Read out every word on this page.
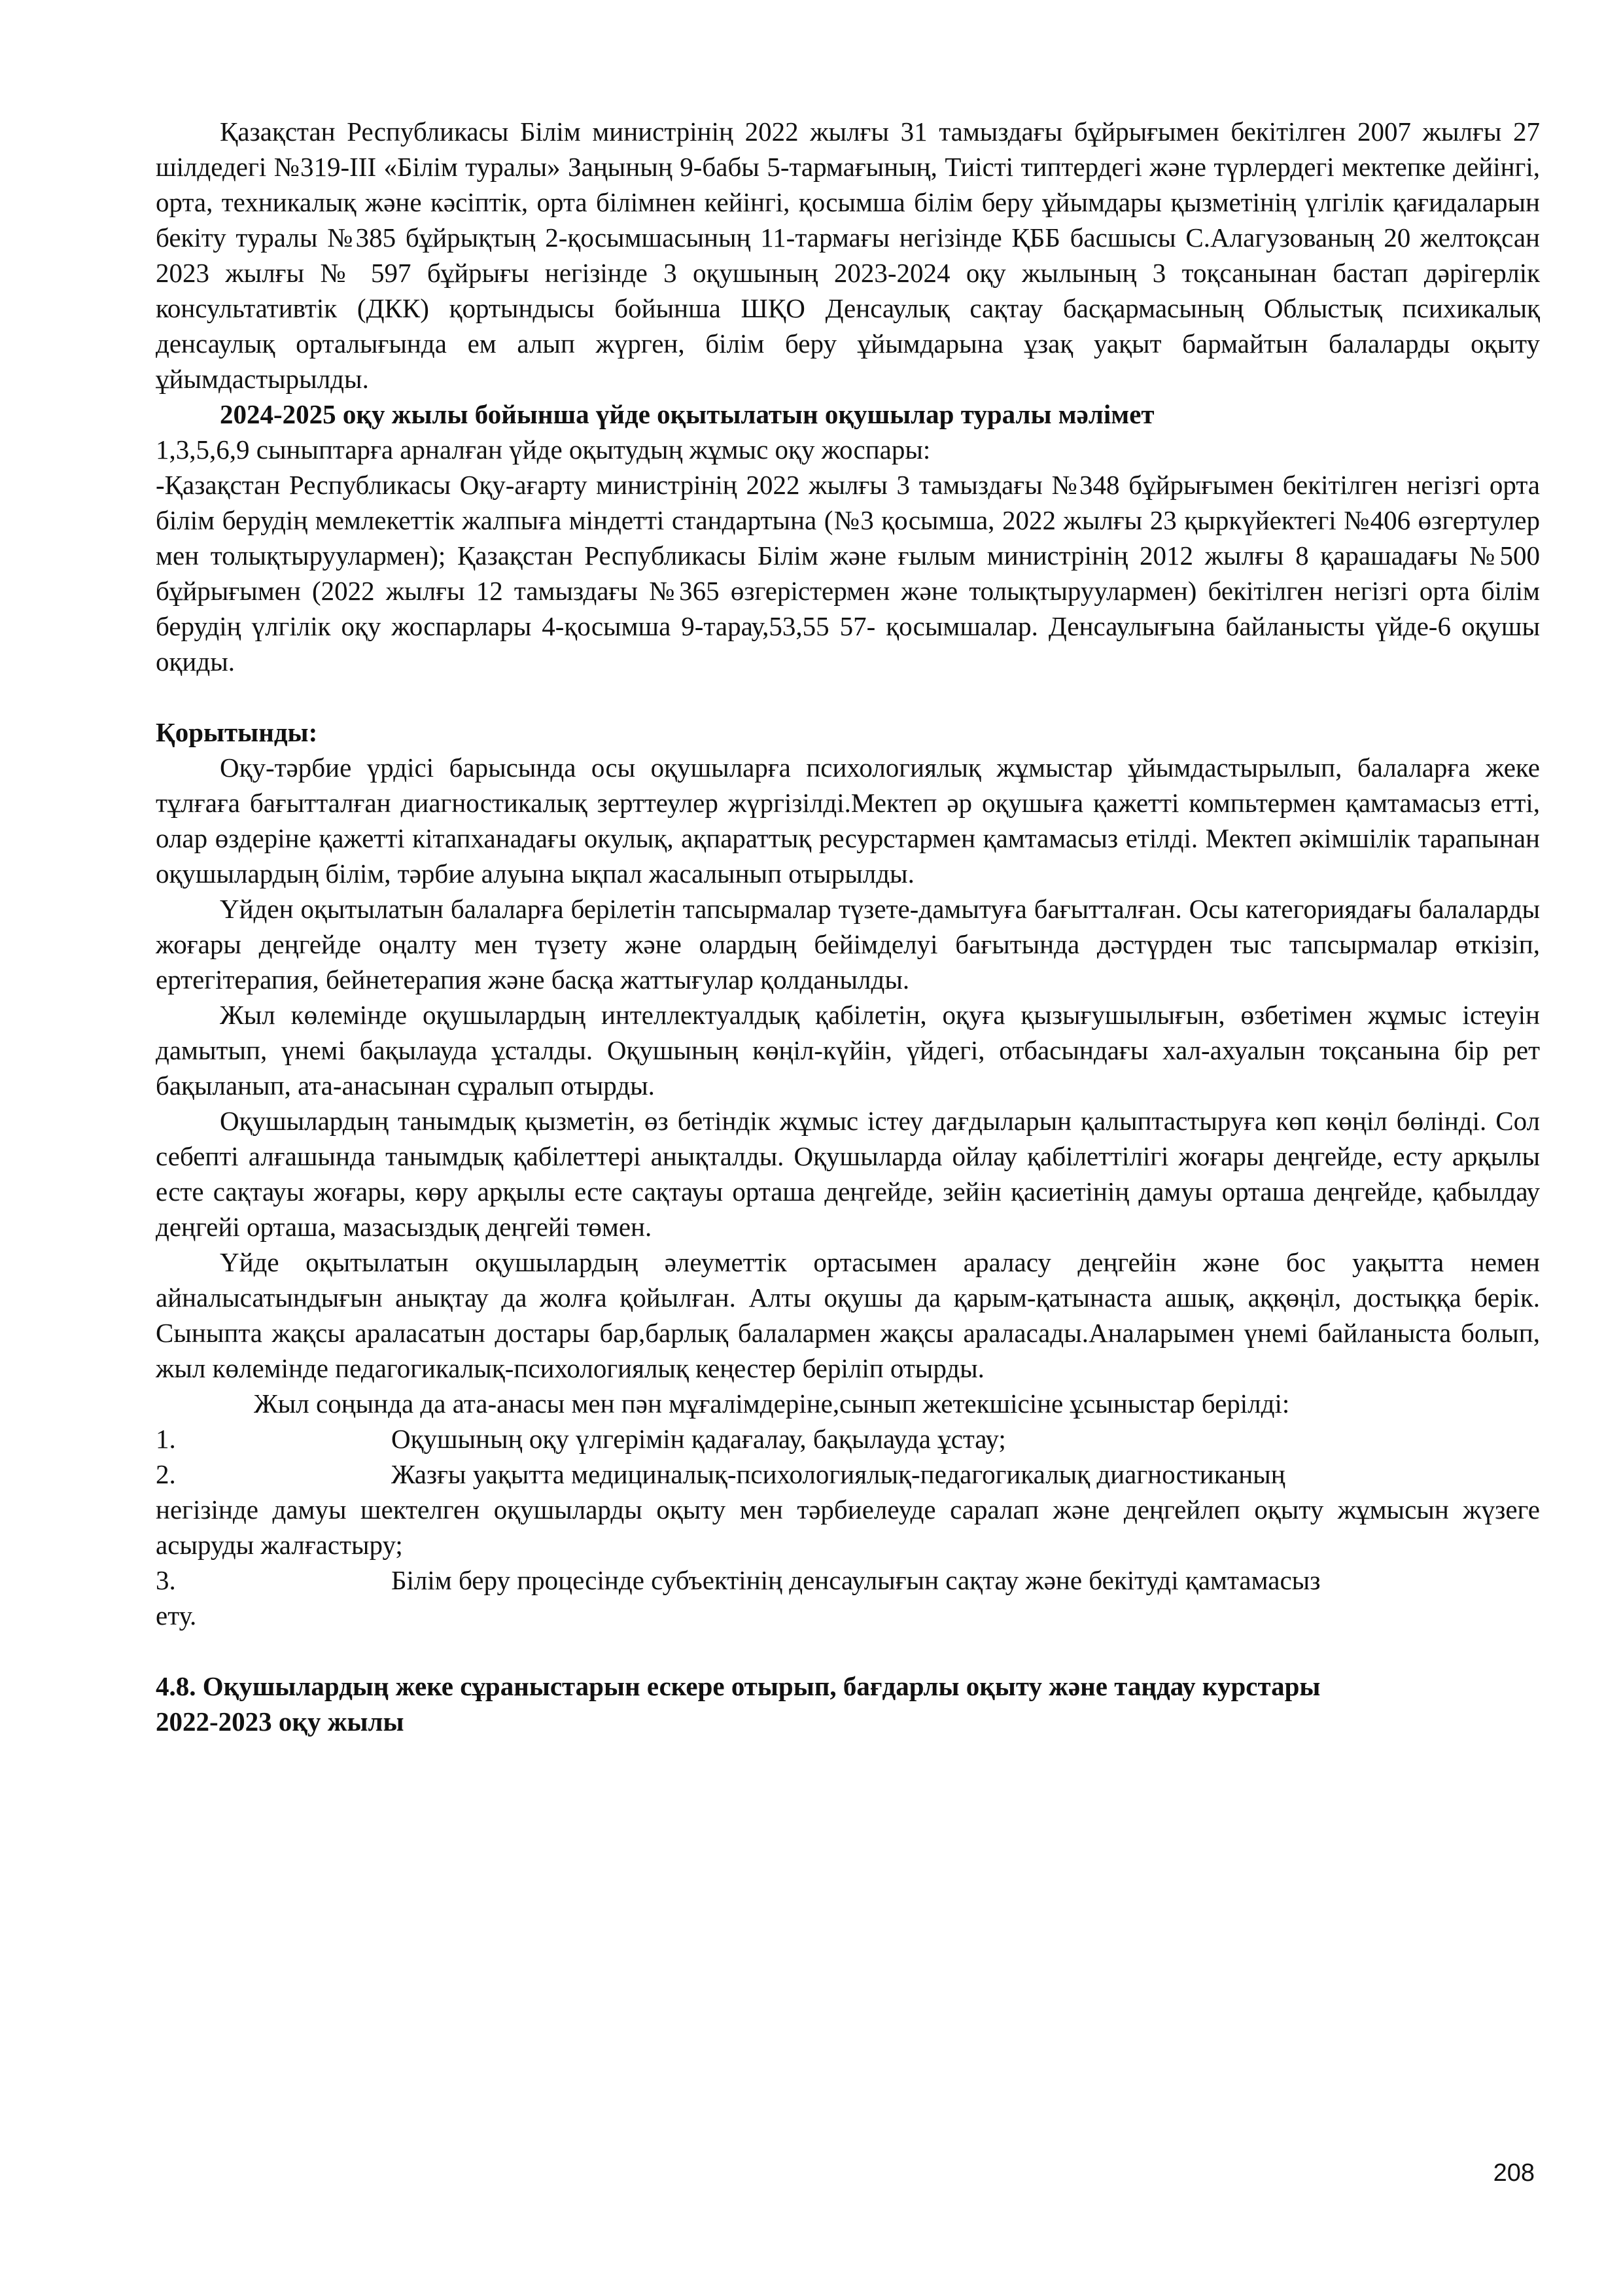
Қазақстан Республикасы Білім министрінің 2022 жылғы 31 тамыздағы бұйрығымен бекітілген 2007 жылғы 27 шілдедегі №319-ІІІ «Білім туралы» Заңының 9-бабы 5-тармағының, Тиісті типтердегі және түрлердегі мектепке дейінгі, орта, техникалық және кәсіптік, орта білімнен кейінгі, қосымша білім беру ұйымдары қызметінің үлгілік қағидаларын бекіту туралы №385 бұйрықтың 2-қосымшасының 11-тармағы негізінде ҚББ басшысы С.Алагузованың 20 желтоқсан 2023 жылғы № 597 бұйрығы негізінде 3 оқушының 2023-2024 оқу жылының 3 тоқсанынан бастап дәрігерлік консультативтік (ДКК) қортындысы бойынша ШҚО Денсаулық сақтау басқармасының Облыстық психикалық денсаулық орталығында ем алып жүрген, білім беру ұйымдарына ұзақ уақыт бармайтын балаларды оқыту ұйымдастырылды.

2024-2025 оқу жылы бойынша үйде оқытылатын оқушылар туралы мәлімет

1,3,5,6,9 сыныптарға арналған үйде оқытудың жұмыс оқу жоспары:

-Қазақстан Республикасы Оқу-ағарту министрінің 2022 жылғы 3 тамыздағы №348 бұйрығымен бекітілген негізгі орта білім берудің мемлекеттік жалпыға міндетті стандартына (№3 қосымша, 2022 жылғы 23 қыркүйектегі №406 өзгертулер мен толықтыруулармен); Қазақстан Республикасы Білім және ғылым министрінің 2012 жылғы 8 қарашадағы №500 бұйрығымен (2022 жылғы 12 тамыздағы №365 өзгерістермен және толықтыруулармен) бекітілген негізгі орта білім берудің үлгілік оқу жоспарлары 4-қосымша 9-тарау,53,55 57- қосымшалар. Денсаулығына байланысты үйде-6 оқушы оқиды.

Қорытынды:

Оқу-тәрбие үрдісі барысында осы оқушыларға психологиялық жұмыстар ұйымдастырылып, балаларға жеке тұлғаға бағытталған диагностикалық зерттеулер жүргізілді.Мектеп әр оқушыға қажетті компьтермен қамтамасыз етті, олар өздеріне қажетті кітапханадағы окулық, ақпараттық ресурстармен қамтамасыз етілді. Мектеп әкімшілік тарапынан оқушылардың білім, тәрбие алуына ықпал жасалынып отырылды.

Үйден оқытылатын балаларға берілетін тапсырмалар түзете-дамытуға бағытталған. Осы категориядағы балаларды жоғары деңгейде оңалту мен түзету және олардың бейімделуі бағытында дәстүрден тыс тапсырмалар өткізіп, ертегітерапия, бейнетерапия және басқа жаттығулар қолданылды.

Жыл көлемінде оқушылардың интеллектуалдық қабілетін, оқуға қызығушылығын, өзбетімен жұмыс істеуін дамытып, үнемі бақылауда ұсталды. Оқушының көңіл-күйін, үйдегі, отбасындағы хал-ахуалын тоқсанына бір рет бақыланып, ата-анасынан сұралып отырды.

Оқушылардың танымдық қызметін, өз бетіндік жұмыс істеу дағдыларын қалыптастыруға көп көңіл бөлінді. Сол себепті алғашында танымдық қабілеттері анықталды. Оқушыларда ойлау қабілеттілігі жоғары деңгейде, есту арқылы есте сақтауы жоғары, көру арқылы есте сақтауы орташа деңгейде, зейін қасиетінің дамуы орташа деңгейде, қабылдау деңгейі орташа, мазасыздық деңгейі төмен.

Үйде оқытылатын оқушылардың әлеуметтік ортасымен араласу деңгейін және бос уақытта немен айналысатындығын анықтау да жолға қойылған. Алты оқушы да қарым-қатынаста ашық, аққөңіл, достыққа берік. Сыныпта жақсы араласатын достары бар,барлық балалармен жақсы араласады.Аналарымен үнемі байланыста болып, жыл көлемінде педагогикалық-психологиялық кеңестер беріліп отырды.

Жыл соңында да ата-анасы мен пән мұғалімдеріне,сынып жетекшісіне ұсыныстар берілді:

1.	Оқушының оқу үлгерімін қадағалау, бақылауда ұстау;
2.	Жазғы уақытта медициналық-психологиялық-педагогикалық диагностиканың

негізінде дамуы шектелген оқушыларды оқыту мен тәрбиелеуде саралап және деңгейлеп оқыту жұмысын жүзеге асыруды жалғастыру;

3.	Білім беру процесінде субъектінің денсаулығын сақтау және бекітуді қамтамасыз

ету.

4.8. Оқушылардың жеке сұраныстарын ескере отырып, бағдарлы оқыту және таңдау курстары

2022-2023 оқу жылы

208
